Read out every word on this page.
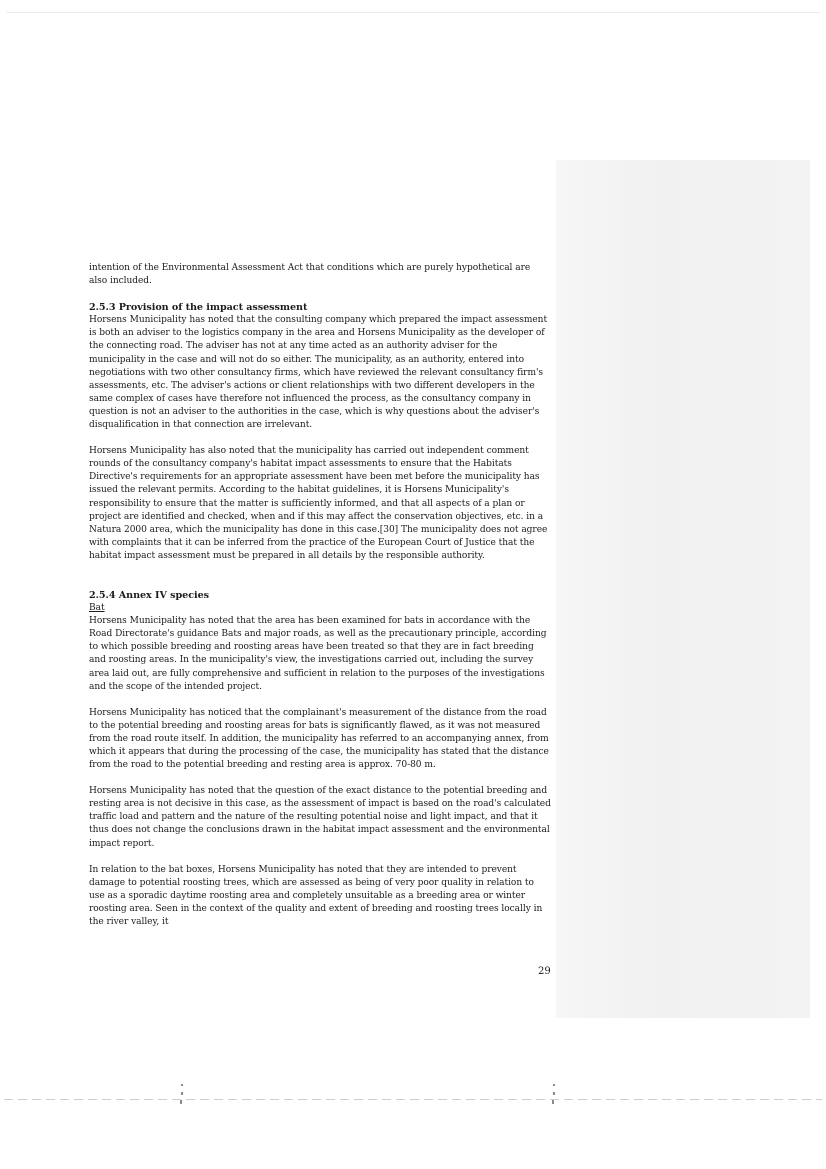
intention of the Environmental Assessment Act that conditions which are purely hypothetical are also included.

2.5.3 Provision of the impact assessment

Horsens Municipality has noted that the consulting company which prepared the impact assessment is both an adviser to the logistics company in the area and Horsens Municipality as the developer of the connecting road. The adviser has not at any time acted as an authority adviser for the municipality in the case and will not do so either. The municipality, as an authority, entered into negotiations with two other consultancy firms, which have reviewed the relevant consultancy firm's assessments, etc. The adviser's actions or client relationships with two different developers in the same complex of cases have therefore not influenced the process, as the consultancy company in question is not an adviser to the authorities in the case, which is why questions about the adviser's disqualification in that connection are irrelevant.

Horsens Municipality has also noted that the municipality has carried out independent comment rounds of the consultancy company's habitat impact assessments to ensure that the Habitats Directive's requirements for an appropriate assessment have been met before the municipality has issued the relevant permits. According to the habitat guidelines, it is Horsens Municipality's responsibility to ensure that the matter is sufficiently informed, and that all aspects of a plan or project are identified and checked, when and if this may affect the conservation objectives, etc. in a Natura 2000 area, which the municipality has done in this case.[30] The municipality does not agree with complaints that it can be inferred from the practice of the European Court of Justice that the habitat impact assessment must be prepared in all details by the responsible authority.

2.5.4 Annex IV species

Bat

Horsens Municipality has noted that the area has been examined for bats in accordance with the Road Directorate's guidance Bats and major roads, as well as the precautionary principle, according to which possible breeding and roosting areas have been treated so that they are in fact breeding and roosting areas. In the municipality's view, the investigations carried out, including the survey area laid out, are fully comprehensive and sufficient in relation to the purposes of the investigations and the scope of the intended project.

Horsens Municipality has noticed that the complainant's measurement of the distance from the road to the potential breeding and roosting areas for bats is significantly flawed, as it was not measured from the road route itself. In addition, the municipality has referred to an accompanying annex, from which it appears that during the processing of the case, the municipality has stated that the distance from the road to the potential breeding and resting area is approx. 70-80 m.

Horsens Municipality has noted that the question of the exact distance to the potential breeding and resting area is not decisive in this case, as the assessment of impact is based on the road's calculated traffic load and pattern and the nature of the resulting potential noise and light impact, and that it thus does not change the conclusions drawn in the habitat impact assessment and the environmental impact report.

In relation to the bat boxes, Horsens Municipality has noted that they are intended to prevent damage to potential roosting trees, which are assessed as being of very poor quality in relation to use as a sporadic daytime roosting area and completely unsuitable as a breeding area or winter roosting area. Seen in the context of the quality and extent of breeding and roosting trees locally in the river valley, it

29
